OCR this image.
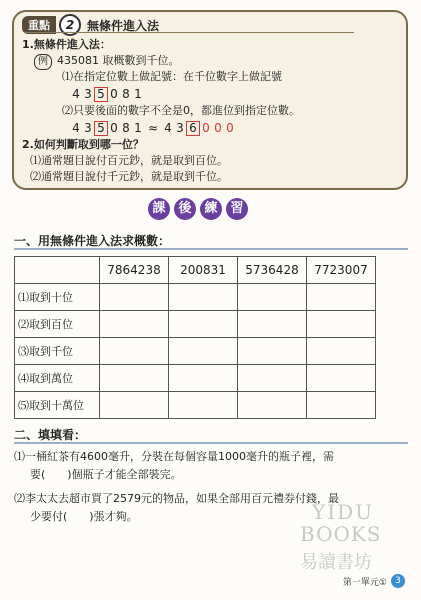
重點	2	無條件進入法
1.無條件進入法：
例 435081 取概數到千位。
⑴在指定位數上做記號：在千位數字上做記號
4 3 5 0 8 1
⑵只要後面的數字不全是0，都進位到指定位數。
4 3 5 0 8 1 ≈ 4 3 6 0 0 0
2.如何判斷取到哪一位？
⑴通常題目說付百元鈔，就是取到百位。
⑵通常題目說付千元鈔，就是取到千位。
課 後 練 習
一、用無條件進入法求概數：
	7864238	200831	5736428	7723007
⑴取到十位				
⑵取到百位				
⑶取到千位				
⑷取到萬位				
⑸取到十萬位				
二、填填看：
⑴一桶紅茶有4600毫升，分裝在每個容量1000毫升的瓶子裡，需
要(　　)個瓶子才能全部裝完。
⑵李太太去超市買了2579元的物品，如果全部用百元禮券付錢，最
少要付(　　)張才夠。	YIDU
BOOKS
易讀書坊
第一單元① 3
